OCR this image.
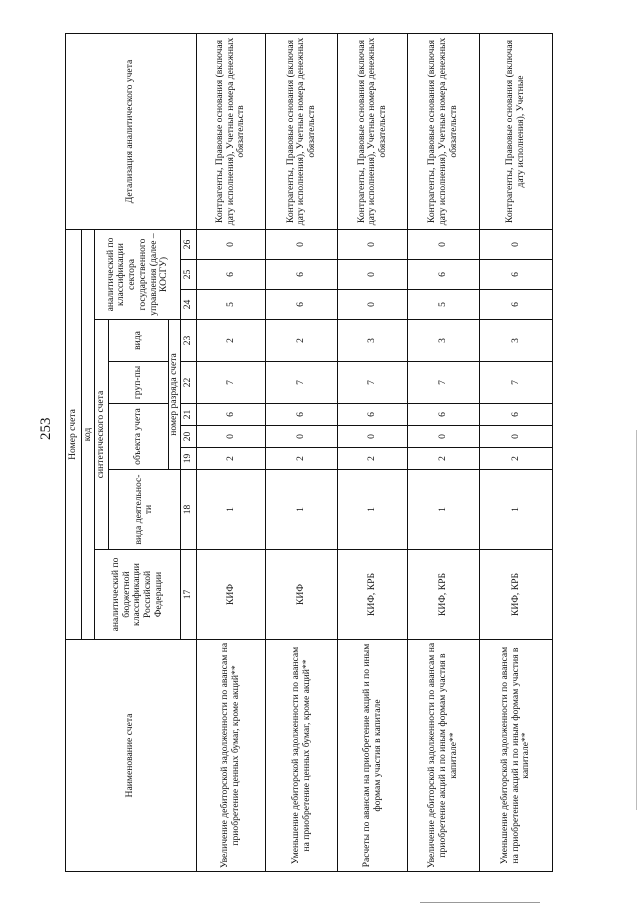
253
Наименование счета	Номер счета										Детализация аналитического учета
	код										
	аналитический по бюджетной классификации Российской Федерации	синтетического счета						аналитический по классификации сектора государственного управления (далее – КОСГУ)			
		вида деятельнос-ти	объекта учета			груп-пы	вида				
			номер разряда счета								
	17	18	19	20	21	22	23	24	25	26	
Увеличение дебиторской задолженности по авансам на приобретение ценных бумаг, кроме акций**	КИФ	1	2	0	6	7	2	5	6	0	Контрагенты, Правовые основания (включая дату исполнения), Учетные номера денежных обязательств
Уменьшение дебиторской задолженности по авансам на приобретение ценных бумаг, кроме акций**	КИФ	1	2	0	6	7	2	6	6	0	Контрагенты, Правовые основания (включая дату исполнения), Учетные номера денежных обязательств
Расчеты по авансам на приобретение акций и по иным формам участия в капитале	КИФ, КРБ	1	2	0	6	7	3	0	0	0	Контрагенты, Правовые основания (включая дату исполнения), Учетные номера денежных обязательств
Увеличение дебиторской задолженности по авансам на приобретение акций и по иным формам участия в капитале**	КИФ, КРБ	1	2	0	6	7	3	5	6	0	Контрагенты, Правовые основания (включая дату исполнения), Учетные номера денежных обязательств
Уменьшение дебиторской задолженности по авансам на приобретение акций и по иным формам участия в капитале**	КИФ, КРБ	1	2	0	6	7	3	6	6	0	Контрагенты, Правовые основания (включая дату исполнения), Учетные
